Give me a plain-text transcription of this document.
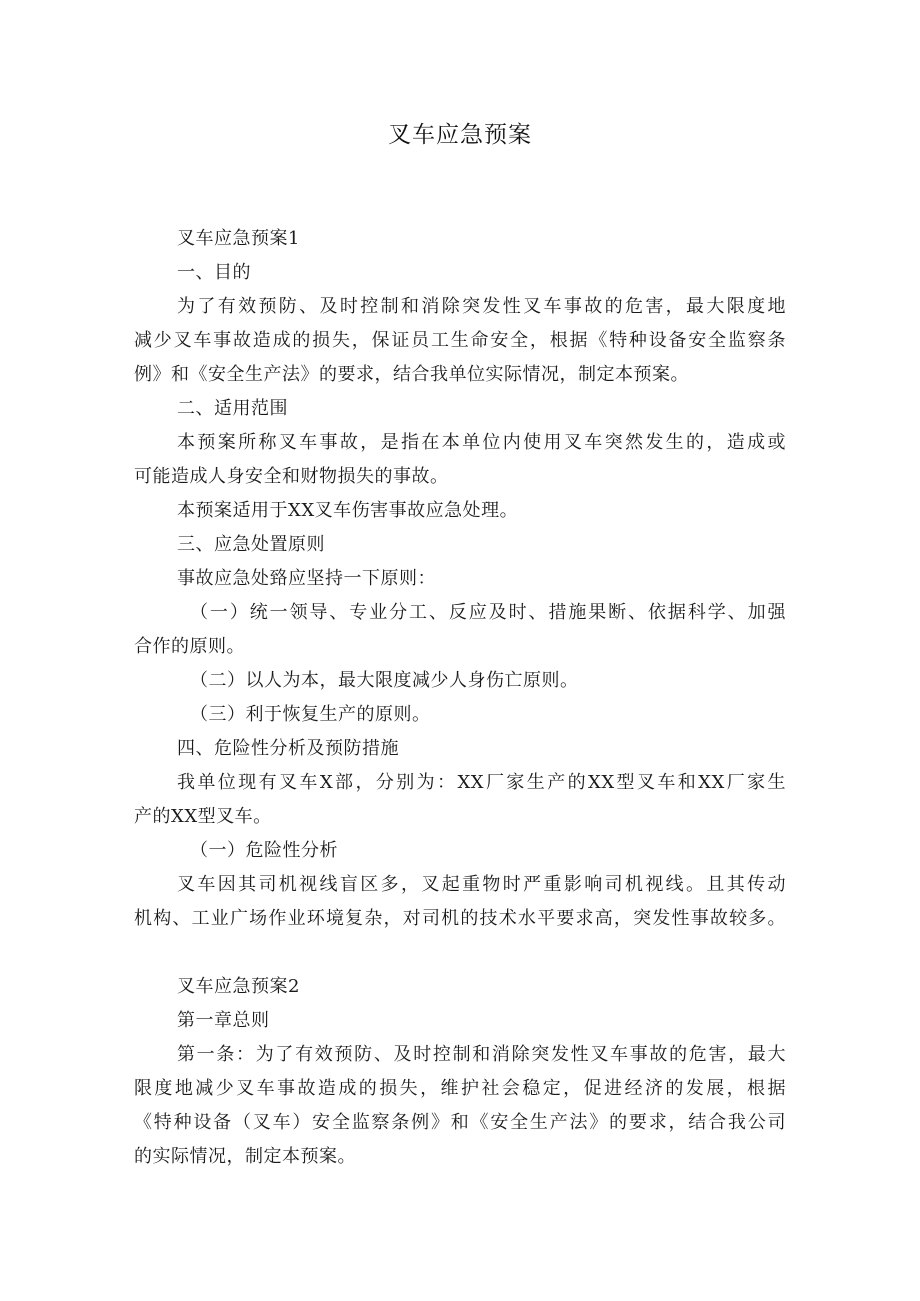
叉车应急预案
叉车应急预案1
一、目的
为了有效预防、及时控制和消除突发性叉车事故的危害，最大限度地
减少叉车事故造成的损失，保证员工生命安全，根据《特种设备安全监察条
例》和《安全生产法》的要求，结合我单位实际情况，制定本预案。
二、适用范围
本预案所称叉车事故，是指在本单位内使用叉车突然发生的，造成或
可能造成人身安全和财物损失的事故。
本预案适用于XX叉车伤害事故应急处理。
三、应急处置原则
事故应急处臵应坚持一下原则：
（一）统一领导、专业分工、反应及时、措施果断、依据科学、加强
合作的原则。
（二）以人为本，最大限度减少人身伤亡原则。
（三）利于恢复生产的原则。
四、危险性分析及预防措施
我单位现有叉车X部，分别为：XX厂家生产的XX型叉车和XX厂家生
产的XX型叉车。
（一）危险性分析
叉车因其司机视线盲区多，叉起重物时严重影响司机视线。且其传动
机构、工业广场作业环境复杂，对司机的技术水平要求高，突发性事故较多。
叉车应急预案2
第一章总则
第一条：为了有效预防、及时控制和消除突发性叉车事故的危害，最大
限度地减少叉车事故造成的损失，维护社会稳定，促进经济的发展，根据
《特种设备（叉车）安全监察条例》和《安全生产法》的要求，结合我公司
的实际情况，制定本预案。
